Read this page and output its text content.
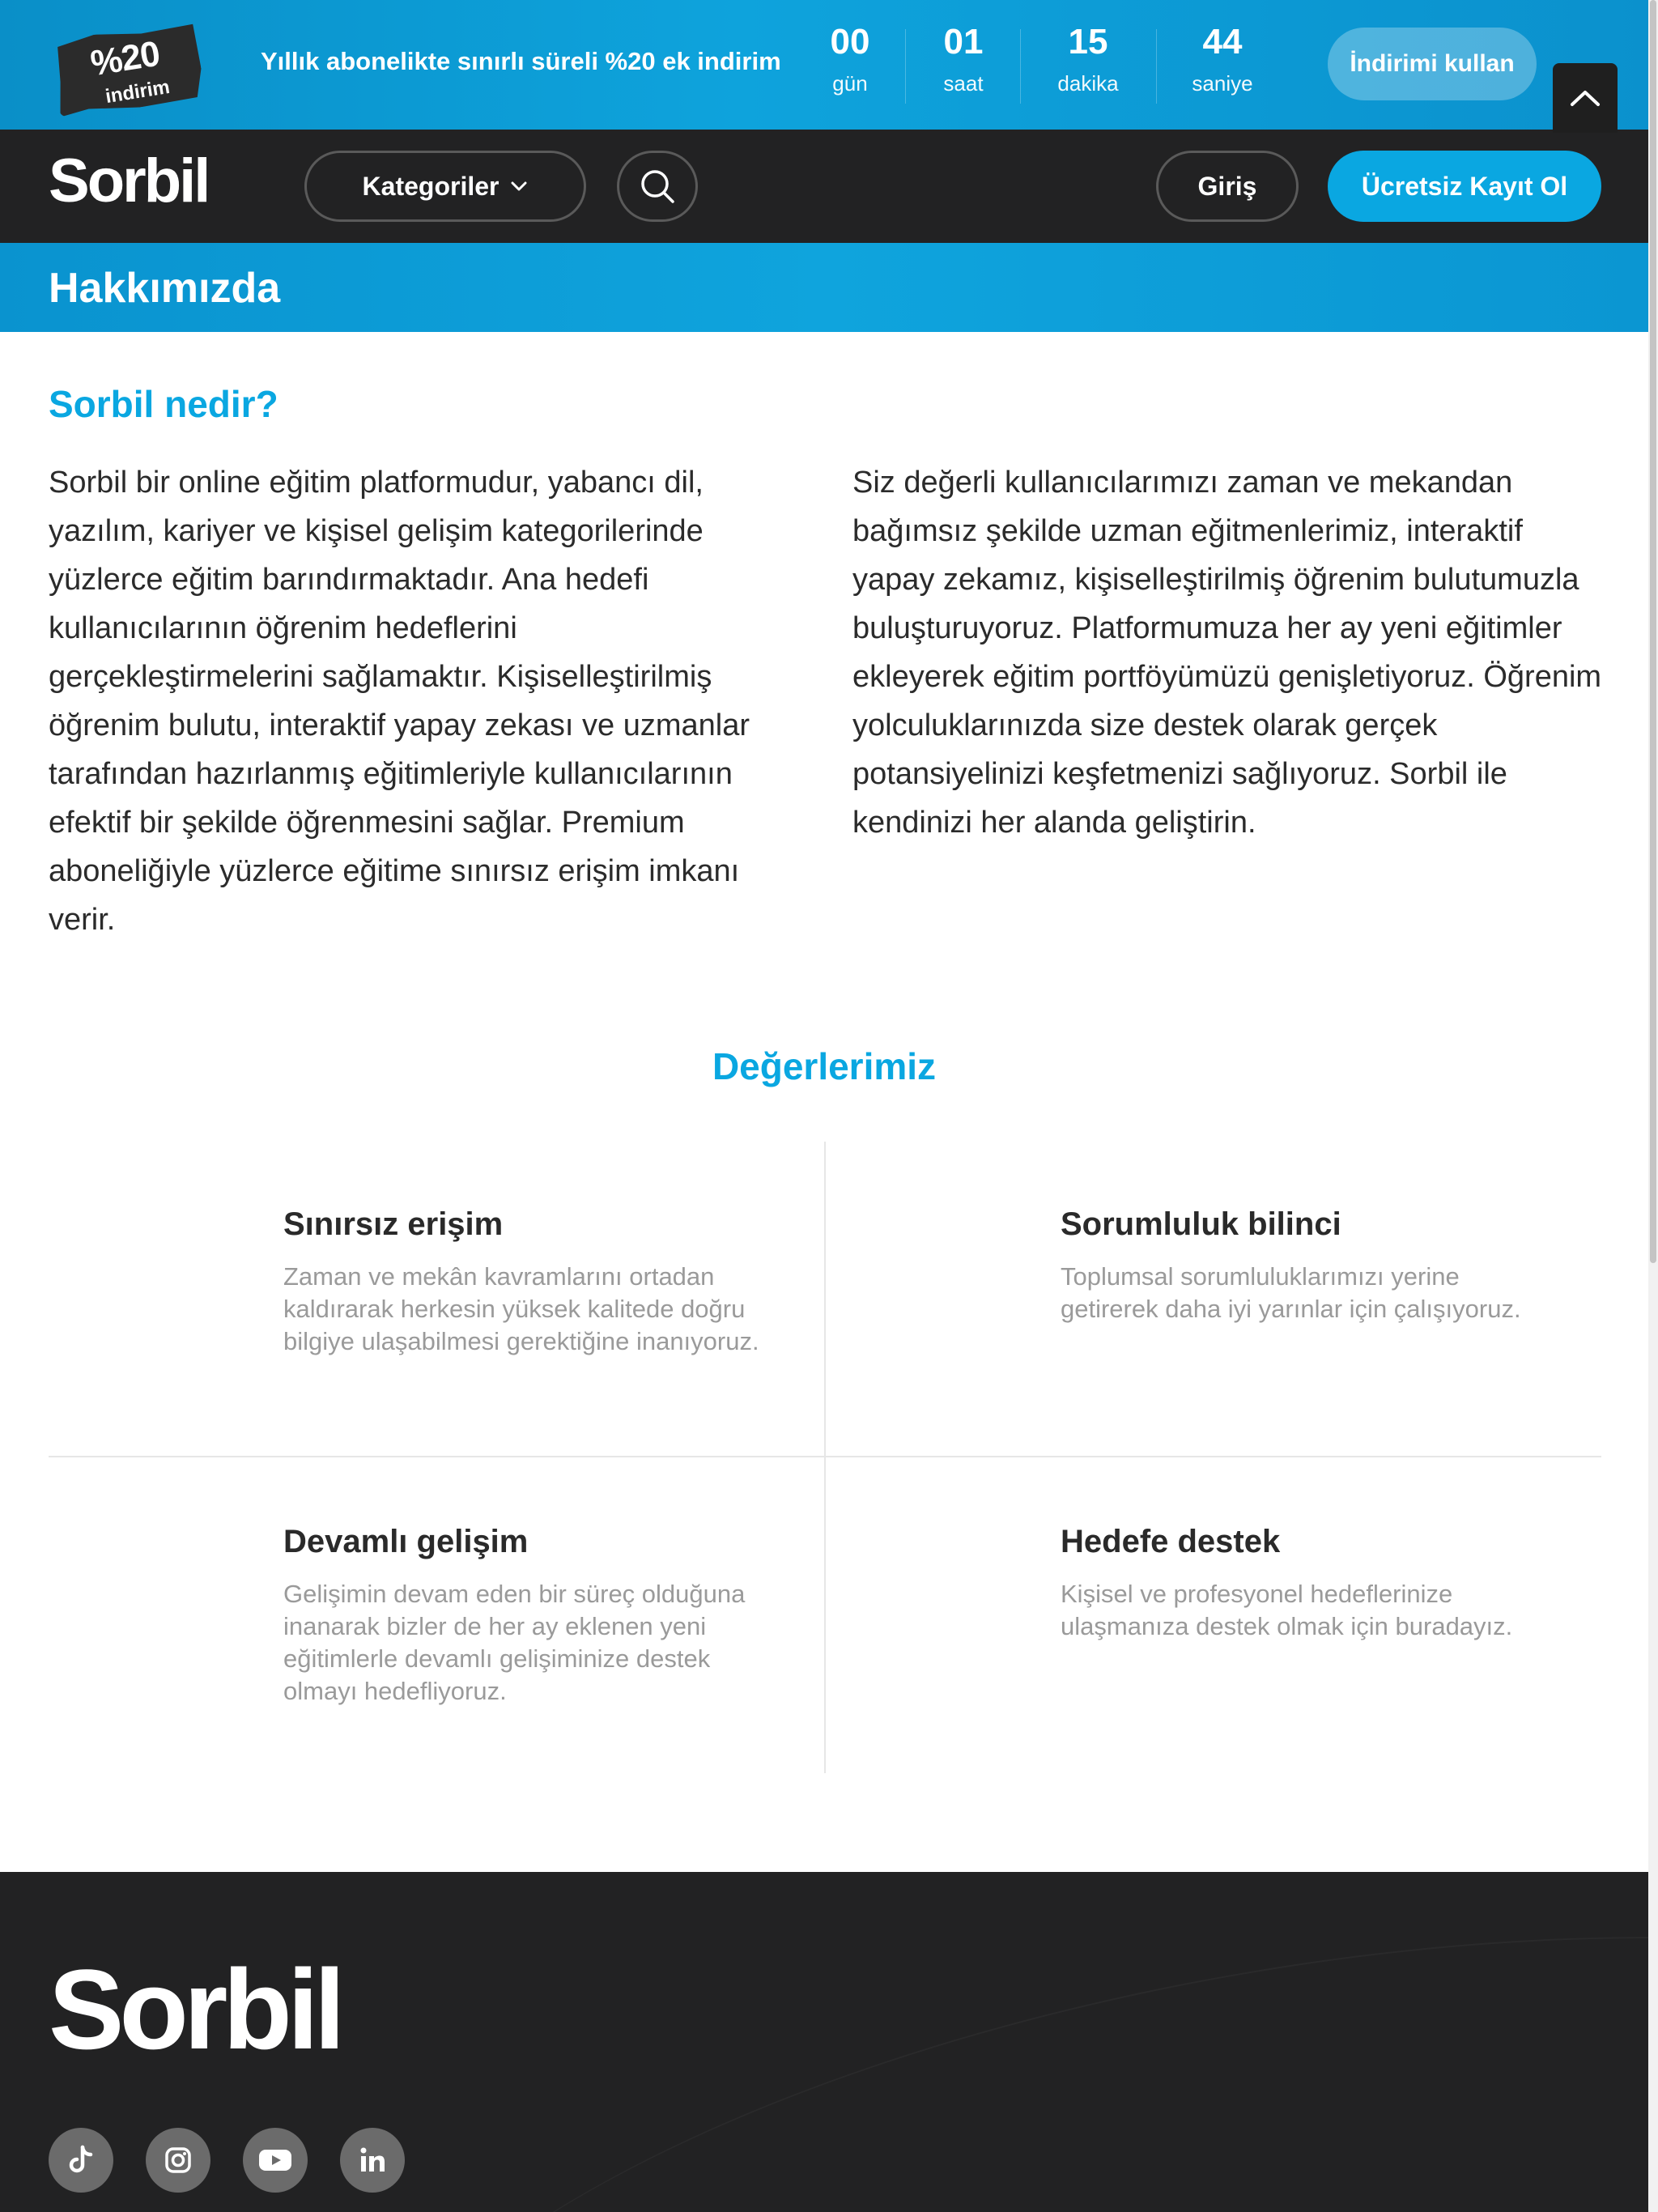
%20
indirim
Yıllık abonelikte sınırlı süreli %20 ek indirim	00
gün
01
saat
15
dakika
44
saniye
İndirimi kullan
Sorbil	Kategoriler	Giriş	Ücretsiz Kayıt Ol
Hakkımızda
Sorbil nedir?

Sorbil bir online eğitim platformudur, yabancı dil, yazılım, kariyer ve kişisel gelişim kategorilerinde yüzlerce eğitim barındırmaktadır. Ana hedefi kullanıcılarının öğrenim hedeflerini gerçekleştirmelerini sağlamaktır. Kişiselleştirilmiş öğrenim bulutu, interaktif yapay zekası ve uzmanlar tarafından hazırlanmış eğitimleriyle kullanıcılarının efektif bir şekilde öğrenmesini sağlar. Premium aboneliğiyle yüzlerce eğitime sınırsız erişim imkanı verir.

Siz değerli kullanıcılarımızı zaman ve mekandan bağımsız şekilde uzman eğitmenlerimiz, interaktif yapay zekamız, kişiselleştirilmiş öğrenim bulutumuzla buluşturuyoruz. Platformumuza her ay yeni eğitimler ekleyerek eğitim portföyümüzü genişletiyoruz. Öğrenim yolculuklarınızda size destek olarak gerçek potansiyelinizi keşfetmenizi sağlıyoruz. Sorbil ile kendinizi her alanda geliştirin.

Değerlerimiz
Sınırsız erişim

Zaman ve mekân kavramlarını ortadan kaldırarak herkesin yüksek kalitede doğru bilgiye ulaşabilmesi gerektiğine inanıyoruz.

Sorumluluk bilinci

Toplumsal sorumluluklarımızı yerine getirerek daha iyi yarınlar için çalışıyoruz.

Devamlı gelişim

Gelişimin devam eden bir süreç olduğuna inanarak bizler de her ay eklenen yeni eğitimlerle devamlı gelişiminize destek olmayı hedefliyoruz.

Hedefe destek

Kişisel ve profesyonel hedeflerinize ulaşmanıza destek olmak için buradayız.

Sorbil
